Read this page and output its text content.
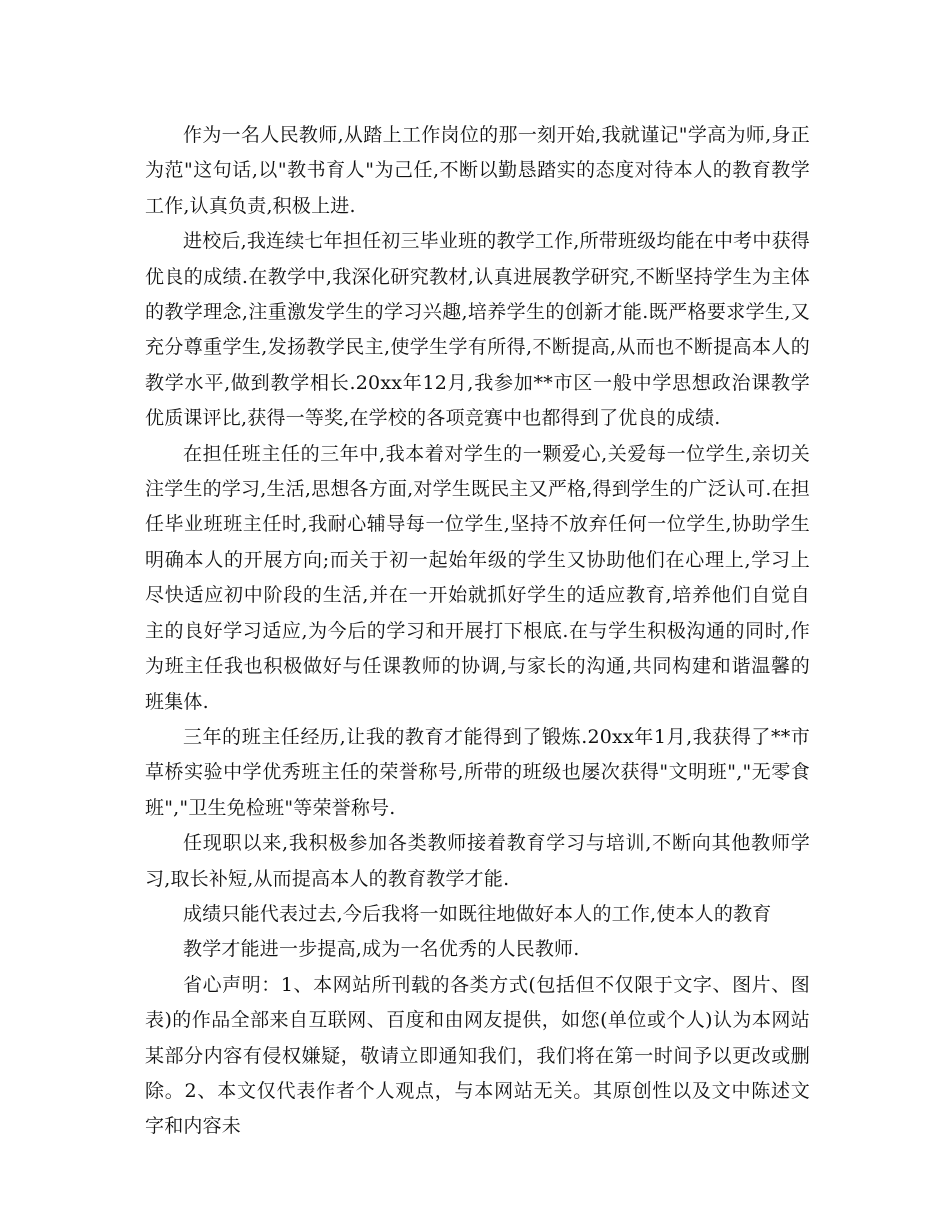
作为一名人民教师,从踏上工作岗位的那一刻开始,我就谨记"学高为师,身正为范"这句话,以"教书育人"为己任,不断以勤恳踏实的态度对待本人的教育教学工作,认真负责,积极上进.

进校后,我连续七年担任初三毕业班的教学工作,所带班级均能在中考中获得优良的成绩.在教学中,我深化研究教材,认真进展教学研究,不断坚持学生为主体的教学理念,注重激发学生的学习兴趣,培养学生的创新才能.既严格要求学生,又充分尊重学生,发扬教学民主,使学生学有所得,不断提高,从而也不断提高本人的教学水平,做到教学相长.20xx年12月,我参加**市区一般中学思想政治课教学优质课评比,获得一等奖,在学校的各项竞赛中也都得到了优良的成绩.

在担任班主任的三年中,我本着对学生的一颗爱心,关爱每一位学生,亲切关注学生的学习,生活,思想各方面,对学生既民主又严格,得到学生的广泛认可.在担任毕业班班主任时,我耐心辅导每一位学生,坚持不放弃任何一位学生,协助学生明确本人的开展方向;而关于初一起始年级的学生又协助他们在心理上,学习上尽快适应初中阶段的生活,并在一开始就抓好学生的适应教育,培养他们自觉自主的良好学习适应,为今后的学习和开展打下根底.在与学生积极沟通的同时,作为班主任我也积极做好与任课教师的协调,与家长的沟通,共同构建和谐温馨的班集体.

三年的班主任经历,让我的教育才能得到了锻炼.20xx年1月,我获得了**市草桥实验中学优秀班主任的荣誉称号,所带的班级也屡次获得"文明班","无零食班","卫生免检班"等荣誉称号.

任现职以来,我积极参加各类教师接着教育学习与培训,不断向其他教师学习,取长补短,从而提高本人的教育教学才能.

成绩只能代表过去,今后我将一如既往地做好本人的工作,使本人的教育

教学才能进一步提高,成为一名优秀的人民教师.

省心声明：1、本网站所刊载的各类方式(包括但不仅限于文字、图片、图表)的作品全部来自互联网、百度和由网友提供，如您(单位或个人)认为本网站某部分内容有侵权嫌疑，敬请立即通知我们，我们将在第一时间予以更改或删除。2、本文仅代表作者个人观点，与本网站无关。其原创性以及文中陈述文字和内容未
